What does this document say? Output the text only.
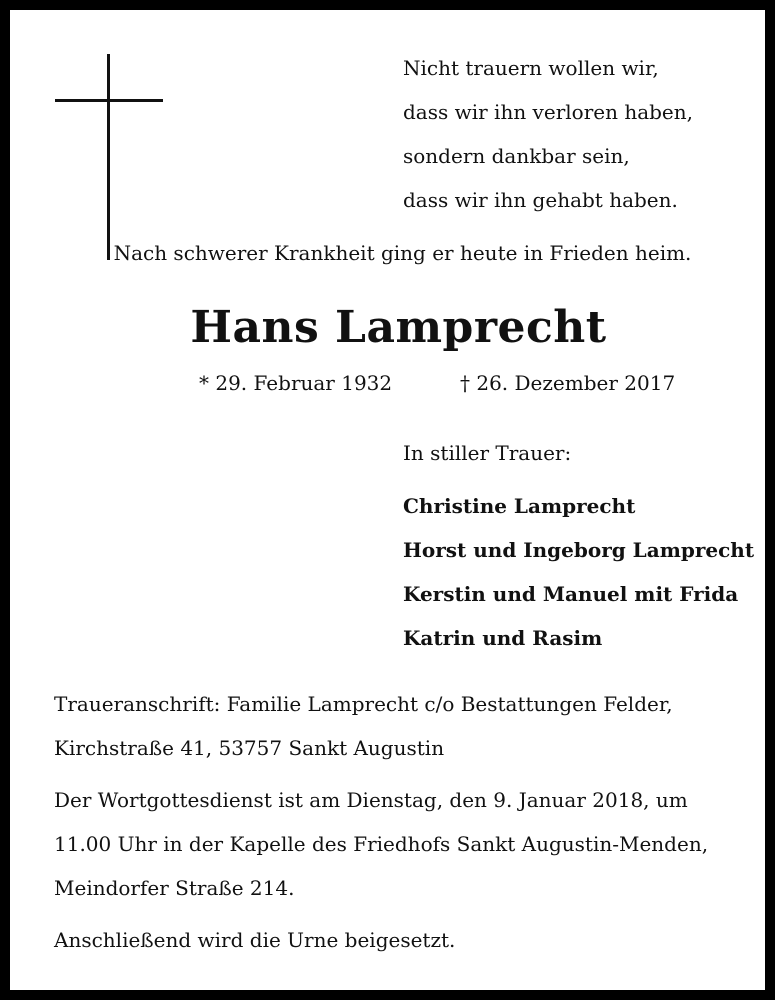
Nicht trauern wollen wir,
dass wir ihn verloren haben,
sondern dankbar sein,
dass wir ihn gehabt haben.
Nach schwerer Krankheit ging er heute in Frieden heim.
Hans Lamprecht
* 29. Februar 1932	† 26. Dezember 2017
In stiller Trauer:
Christine Lamprecht
Horst und Ingeborg Lamprecht
Kerstin und Manuel mit Frida
Katrin und Rasim
Traueranschrift: Familie Lamprecht c/o Bestattungen Felder,
Kirchstraße 41, 53757 Sankt Augustin
Der Wortgottesdienst ist am Dienstag, den 9. Januar 2018, um
11.00 Uhr in der Kapelle des Friedhofs Sankt Augustin-Menden,
Meindorfer Straße 214.
Anschließend wird die Urne beigesetzt.
